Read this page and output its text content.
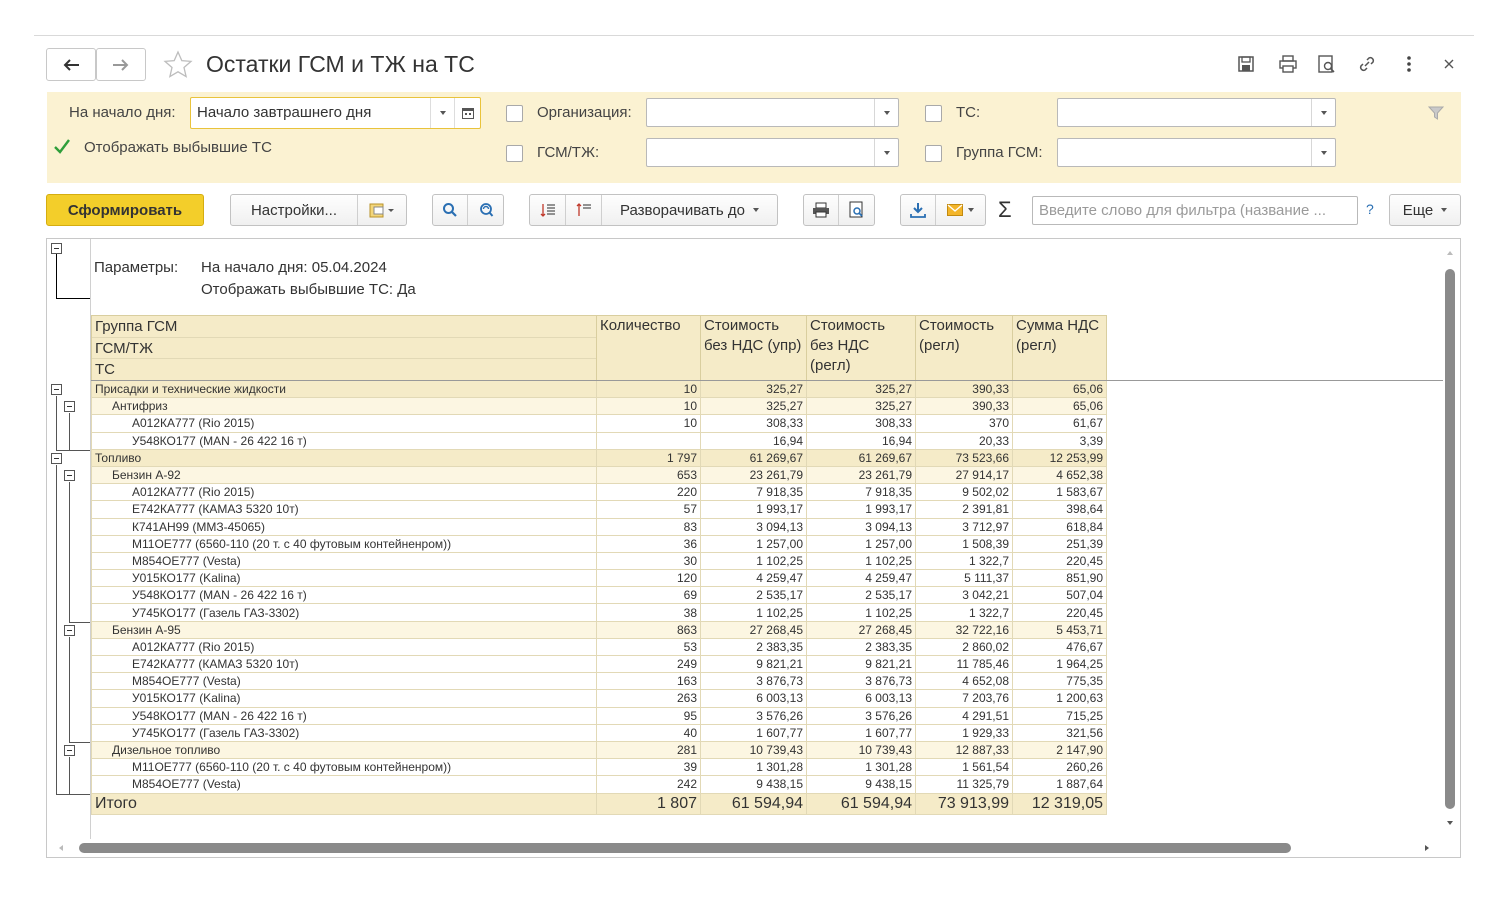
Остатки ГСМ и ТЖ на ТС
На начало дня: Начало завтрашнего дня
Отображать выбывшие ТС
Организация:
ГСМ/ТЖ:
ТС:
Группа ГСМ:
Сформировать	Настройки...	Разворачивать до	Σ
Введите слово для фильтра (название ...	? Еще
Параметры: На начало дня: 05.04.2024
Отображать выбывшие ТС: Да
Группа ГСМ
ГСМ/ТЖ
ТС	Количество	Стоимость без НДС (упр)	Стоимость без НДС (регл)	Стоимость (регл)	Сумма НДС (регл)
Присадки и технические жидкости	10	325,27	325,27	390,33	65,06
Антифриз	10	325,27	325,27	390,33	65,06
А012КА777 (Rio 2015)	10	308,33	308,33	370	61,67
У548КО177 (MAN - 26 422 16 т)		16,94	16,94	20,33	3,39
Топливо	1 797	61 269,67	61 269,67	73 523,66	12 253,99
Бензин А-92	653	23 261,79	23 261,79	27 914,17	4 652,38
А012КА777 (Rio 2015)	220	7 918,35	7 918,35	9 502,02	1 583,67
Е742КА777 (КАМАЗ 5320 10т)	57	1 993,17	1 993,17	2 391,81	398,64
К741АН99 (ММЗ-45065)	83	3 094,13	3 094,13	3 712,97	618,84
М11ОЕ777 (6560-110 (20 т. с 40 футовым контейненром))	36	1 257,00	1 257,00	1 508,39	251,39
М854ОЕ777 (Vesta)	30	1 102,25	1 102,25	1 322,7	220,45
У015КО177 (Kalina)	120	4 259,47	4 259,47	5 111,37	851,90
У548КО177 (MAN - 26 422 16 т)	69	2 535,17	2 535,17	3 042,21	507,04
У745КО177 (Газель ГАЗ-3302)	38	1 102,25	1 102,25	1 322,7	220,45
Бензин А-95	863	27 268,45	27 268,45	32 722,16	5 453,71
А012КА777 (Rio 2015)	53	2 383,35	2 383,35	2 860,02	476,67
Е742КА777 (КАМАЗ 5320 10т)	249	9 821,21	9 821,21	11 785,46	1 964,25
М854ОЕ777 (Vesta)	163	3 876,73	3 876,73	4 652,08	775,35
У015КО177 (Kalina)	263	6 003,13	6 003,13	7 203,76	1 200,63
У548КО177 (MAN - 26 422 16 т)	95	3 576,26	3 576,26	4 291,51	715,25
У745КО177 (Газель ГАЗ-3302)	40	1 607,77	1 607,77	1 929,33	321,56
Дизельное топливо	281	10 739,43	10 739,43	12 887,33	2 147,90
М11ОЕ777 (6560-110 (20 т. с 40 футовым контейненром))	39	1 301,28	1 301,28	1 561,54	260,26
М854ОЕ777 (Vesta)	242	9 438,15	9 438,15	11 325,79	1 887,64
Итого	1 807	61 594,94	61 594,94	73 913,99	12 319,05
